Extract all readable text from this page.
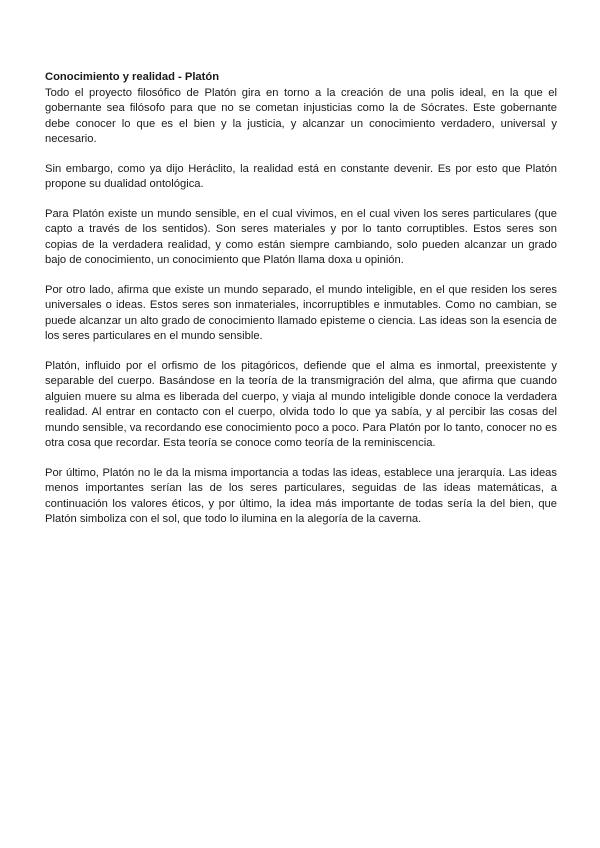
Conocimiento y realidad - Platón

Todo el proyecto filosófico de Platón gira en torno a la creación de una polis ideal, en la que el gobernante sea filósofo para que no se cometan injusticias como la de Sócrates. Este gobernante debe conocer lo que es el bien y la justicia, y alcanzar un conocimiento verdadero, universal y necesario.

Sin embargo, como ya dijo Heráclito, la realidad está en constante devenir. Es por esto que Platón propone su dualidad ontológica.

Para Platón existe un mundo sensible, en el cual vivimos, en el cual viven los seres particulares (que capto a través de los sentidos). Son seres materiales y por lo tanto corruptibles. Estos seres son copias de la verdadera realidad, y como están siempre cambiando, solo pueden alcanzar un grado bajo de conocimiento, un conocimiento que Platón llama doxa u opinión.

Por otro lado, afirma que existe un mundo separado, el mundo inteligible, en el que residen los seres universales o ideas. Estos seres son inmateriales, incorruptibles e inmutables. Como no cambian, se puede alcanzar un alto grado de conocimiento llamado episteme o ciencia. Las ideas son la esencia de los seres particulares en el mundo sensible.

Platón, influido por el orfismo de los pitagóricos, defiende que el alma es inmortal, preexistente y separable del cuerpo. Basándose en la teoría de la transmigración del alma, que afirma que cuando alguien muere su alma es liberada del cuerpo, y viaja al mundo inteligible donde conoce la verdadera realidad. Al entrar en contacto con el cuerpo, olvida todo lo que ya sabía, y al percibir las cosas del mundo sensible, va recordando ese conocimiento poco a poco. Para Platón por lo tanto, conocer no es otra cosa que recordar. Esta teoría se conoce como teoría de la reminiscencia.

Por último, Platón no le da la misma importancia a todas las ideas, establece una jerarquía. Las ideas menos importantes serían las de los seres particulares, seguidas de las ideas matemáticas, a continuación los valores éticos, y por último, la idea más importante de todas sería la del bien, que Platón simboliza con el sol, que todo lo ilumina en la alegoría de la caverna.
